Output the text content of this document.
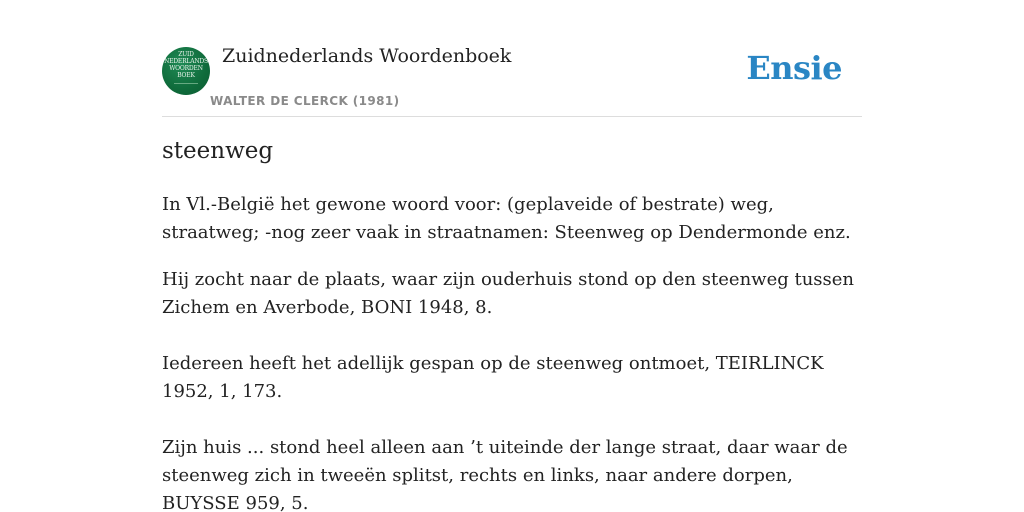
ZUID NEDERLANDS WOORDEN BOEK
Zuidnederlands Woordenboek
WALTER DE CLERCK (1981)
Ensie
steenweg

In Vl.-België het gewone woord voor: (geplaveide of bestrate) weg, straatweg; -nog zeer vaak in straatnamen: Steenweg op Dendermonde enz.

Hij zocht naar de plaats, waar zijn ouderhuis stond op den steenweg tussen Zichem en Averbode, BONI 1948, 8.

Iedereen heeft het adellijk gespan op de steenweg ontmoet, TEIRLINCK 1952, 1, 173.

Zijn huis ... stond heel alleen aan ’t uiteinde der lange straat, daar waar de steenweg zich in tweeën splitst, rechts en links, naar andere dorpen, BUYSSE 959, 5.
